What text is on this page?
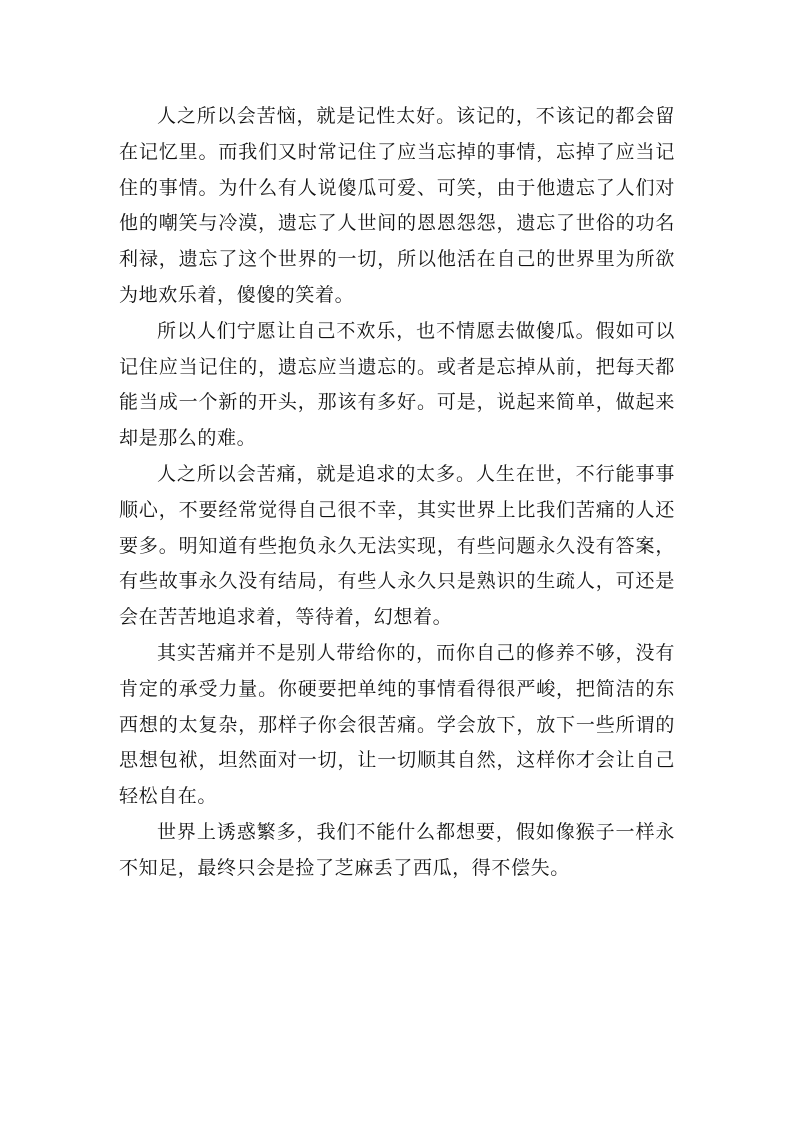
人之所以会苦恼，就是记性太好。该记的，不该记的都会留在记忆里。而我们又时常记住了应当忘掉的事情，忘掉了应当记住的事情。为什么有人说傻瓜可爱、可笑，由于他遗忘了人们对他的嘲笑与冷漠，遗忘了人世间的恩恩怨怨，遗忘了世俗的功名利禄，遗忘了这个世界的一切，所以他活在自己的世界里为所欲为地欢乐着，傻傻的笑着。

所以人们宁愿让自己不欢乐，也不情愿去做傻瓜。假如可以记住应当记住的，遗忘应当遗忘的。或者是忘掉从前，把每天都能当成一个新的开头，那该有多好。可是，说起来简单，做起来却是那么的难。

人之所以会苦痛，就是追求的太多。人生在世，不行能事事顺心，不要经常觉得自己很不幸，其实世界上比我们苦痛的人还要多。明知道有些抱负永久无法实现，有些问题永久没有答案，有些故事永久没有结局，有些人永久只是熟识的生疏人，可还是会在苦苦地追求着，等待着，幻想着。

其实苦痛并不是别人带给你的，而你自己的修养不够，没有肯定的承受力量。你硬要把单纯的事情看得很严峻，把简洁的东西想的太复杂，那样子你会很苦痛。学会放下，放下一些所谓的思想包袱，坦然面对一切，让一切顺其自然，这样你才会让自己轻松自在。

世界上诱惑繁多，我们不能什么都想要，假如像猴子一样永不知足，最终只会是捡了芝麻丢了西瓜，得不偿失。
